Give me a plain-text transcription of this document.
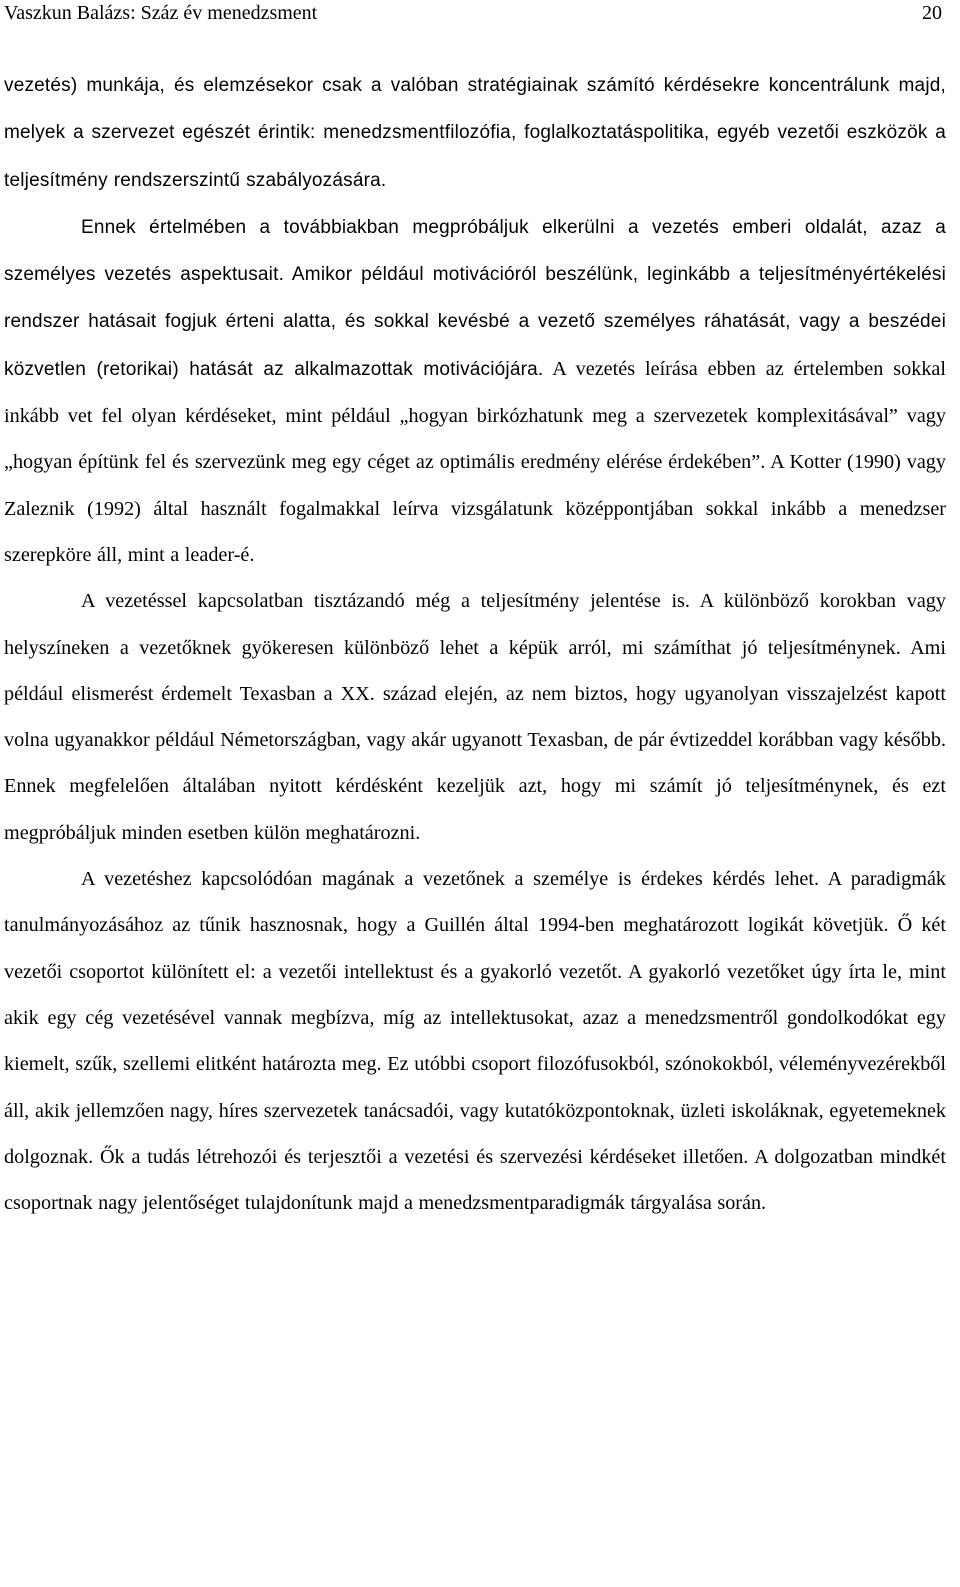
Vaszkun Balázs: Száz év menedzsment	20

vezetés) munkája, és elemzésekor csak a valóban stratégiainak számító kérdésekre koncentrálunk majd, melyek a szervezet egészét érintik: menedzsmentfilozófia, foglalkoztatáspolitika, egyéb vezetői eszközök a teljesítmény rendszerszintű szabályozására.

Ennek értelmében a továbbiakban megpróbáljuk elkerülni a vezetés emberi oldalát, azaz a személyes vezetés aspektusait. Amikor például motivációról beszélünk, leginkább a teljesítményértékelési rendszer hatásait fogjuk érteni alatta, és sokkal kevésbé a vezető személyes ráhatását, vagy a beszédei közvetlen (retorikai) hatását az alkalmazottak motivációjára. A vezetés leírása ebben az értelemben sokkal inkább vet fel olyan kérdéseket, mint például „hogyan birkózhatunk meg a szervezetek komplexitásával” vagy „hogyan építünk fel és szervezünk meg egy céget az optimális eredmény elérése érdekében”. A Kotter (1990) vagy Zaleznik (1992) által használt fogalmakkal leírva vizsgálatunk középpontjában sokkal inkább a menedzser szerepköre áll, mint a leader-é.

A vezetéssel kapcsolatban tisztázandó még a teljesítmény jelentése is. A különböző korokban vagy helyszíneken a vezetőknek gyökeresen különböző lehet a képük arról, mi számíthat jó teljesítménynek. Ami például elismerést érdemelt Texasban a XX. század elején, az nem biztos, hogy ugyanolyan visszajelzést kapott volna ugyanakkor például Németországban, vagy akár ugyanott Texasban, de pár évtizeddel korábban vagy később. Ennek megfelelően általában nyitott kérdésként kezeljük azt, hogy mi számít jó teljesítménynek, és ezt megpróbáljuk minden esetben külön meghatározni.

A vezetéshez kapcsolódóan magának a vezetőnek a személye is érdekes kérdés lehet. A paradigmák tanulmányozásához az tűnik hasznosnak, hogy a Guillén által 1994-ben meghatározott logikát követjük. Ő két vezetői csoportot különített el: a vezetői intellektust és a gyakorló vezetőt. A gyakorló vezetőket úgy írta le, mint akik egy cég vezetésével vannak megbízva, míg az intellektusokat, azaz a menedzsmentről gondolkodókat egy kiemelt, szűk, szellemi elitként határozta meg. Ez utóbbi csoport filozófusokból, szónokokból, véleményvezérekből áll, akik jellemzően nagy, híres szervezetek tanácsadói, vagy kutatóközpontoknak, üzleti iskoláknak, egyetemeknek dolgoznak. Ők a tudás létrehozói és terjesztői a vezetési és szervezési kérdéseket illetően. A dolgozatban mindkét csoportnak nagy jelentőséget tulajdonítunk majd a menedzsmentparadigmák tárgyalása során.
